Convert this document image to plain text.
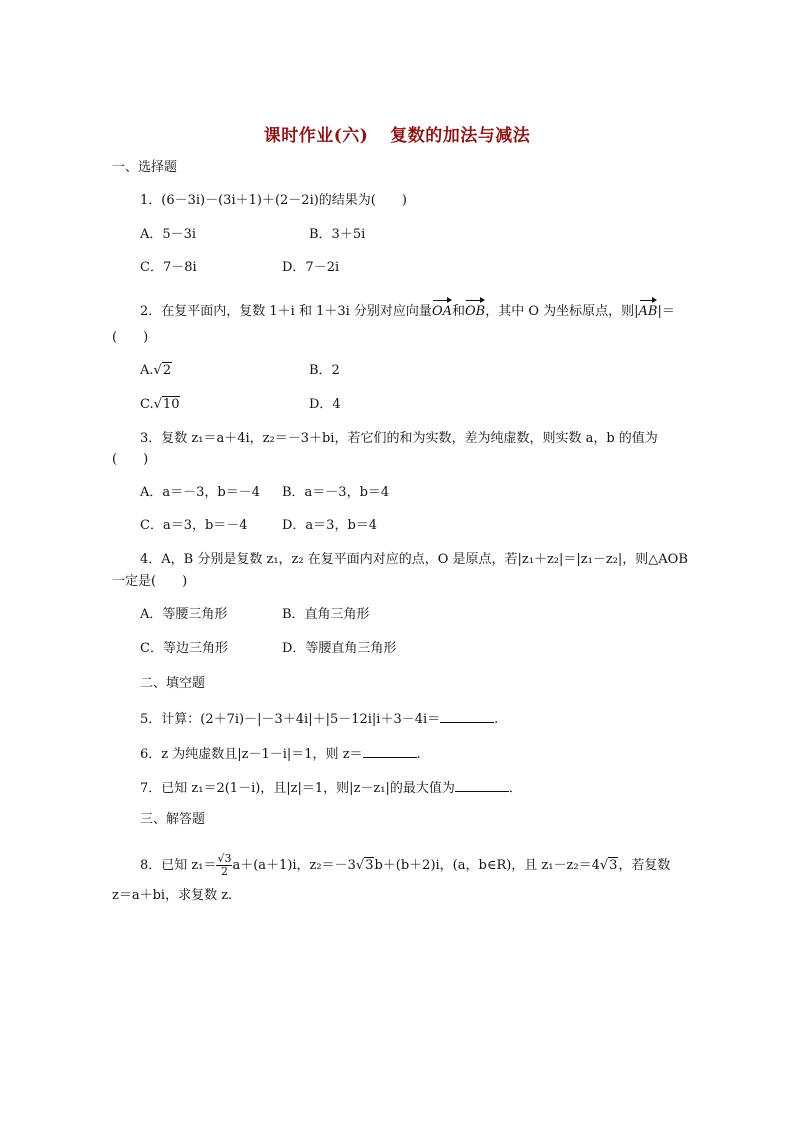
课时作业(六) 复数的加法与减法
一、选择题
1．(6－3i)－(3i＋1)＋(2－2i)的结果为(　　)
A．5－3i	B．3＋5i
C．7－8i	D．7－2i
2．在复平面内，复数 1＋i 和 1＋3i 分别对应向量OA和OB，其中 O 为坐标原点，则|AB|＝
(　　)
A.√2	B．2
C.√10	D．4
3．复数 z₁＝a＋4i，z₂＝－3＋bi，若它们的和为实数，差为纯虚数，则实数 a，b 的值为
(　　)
A．a＝－3，b＝－4 B．a＝－3，b＝4
C．a＝3，b＝－4	D．a＝3，b＝4
4．A，B 分别是复数 z₁，z₂ 在复平面内对应的点，O 是原点，若|z₁＋z₂|＝|z₁－z₂|，则△AOB
一定是(　　)
A．等腰三角形	B．直角三角形
C．等边三角形	D．等腰直角三角形
二、填空题
5．计算：(2＋7i)－|－3＋4i|＋|5－12i|i＋3－4i＝	.
6．z 为纯虚数且|z－1－i|＝1，则 z＝	.
7．已知 z₁＝2(1－i)，且|z|＝1，则|z－z₁|的最大值为	．
三、解答题
8．已知 $z_1= \frac{√3}{2} a+(a+1)i$，z₂＝－3√3b＋(b＋2)i，(a，b∈R)，且 z₁－z₂＝4√3，若复数
z＝a＋bi，求复数 z.
